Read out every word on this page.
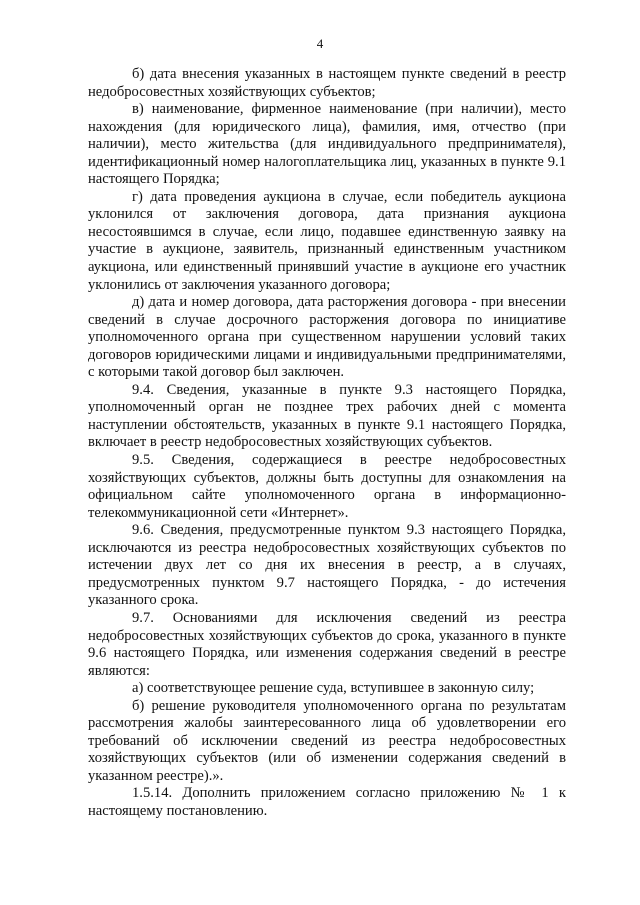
4

б) дата внесения указанных в настоящем пункте сведений в реестр недобросовестных хозяйствующих субъектов;

в) наименование, фирменное наименование (при наличии), место нахождения (для юридического лица), фамилия, имя, отчество (при наличии), место жительства (для индивидуального предпринимателя), идентификационный номер налогоплательщика лиц, указанных в пункте 9.1 настоящего Порядка;

г) дата проведения аукциона в случае, если победитель аукциона уклонился от заключения договора, дата признания аукциона несостоявшимся в случае, если лицо, подавшее единственную заявку на участие в аукционе, заявитель, признанный единственным участником аукциона, или единственный принявший участие в аукционе его участник уклонились от заключения указанного договора;

д) дата и номер договора, дата расторжения договора - при внесении сведений в случае досрочного расторжения договора по инициативе уполномоченного органа при существенном нарушении условий таких договоров юридическими лицами и индивидуальными предпринимателями, с которыми такой договор был заключен.

9.4. Сведения, указанные в пункте 9.3 настоящего Порядка, уполномоченный орган не позднее трех рабочих дней с момента наступлении обстоятельств, указанных в пункте 9.1 настоящего Порядка, включает в реестр недобросовестных хозяйствующих субъектов.

9.5. Сведения, содержащиеся в реестре недобросовестных хозяйствующих субъектов, должны быть доступны для ознакомления на официальном сайте уполномоченного органа в информационно-телекоммуникационной сети «Интернет».

9.6. Сведения, предусмотренные пунктом 9.3 настоящего Порядка, исключаются из реестра недобросовестных хозяйствующих субъектов по истечении двух лет со дня их внесения в реестр, а в случаях, предусмотренных пунктом 9.7 настоящего Порядка, - до истечения указанного срока.

9.7. Основаниями для исключения сведений из реестра недобросовестных хозяйствующих субъектов до срока, указанного в пункте 9.6 настоящего Порядка, или изменения содержания сведений в реестре являются:

а) соответствующее решение суда, вступившее в законную силу;

б) решение руководителя уполномоченного органа по результатам рассмотрения жалобы заинтересованного лица об удовлетворении его требований об исключении сведений из реестра недобросовестных хозяйствующих субъектов (или об изменении содержания сведений в указанном реестре).».

1.5.14. Дополнить приложением согласно приложению № 1 к настоящему постановлению.
